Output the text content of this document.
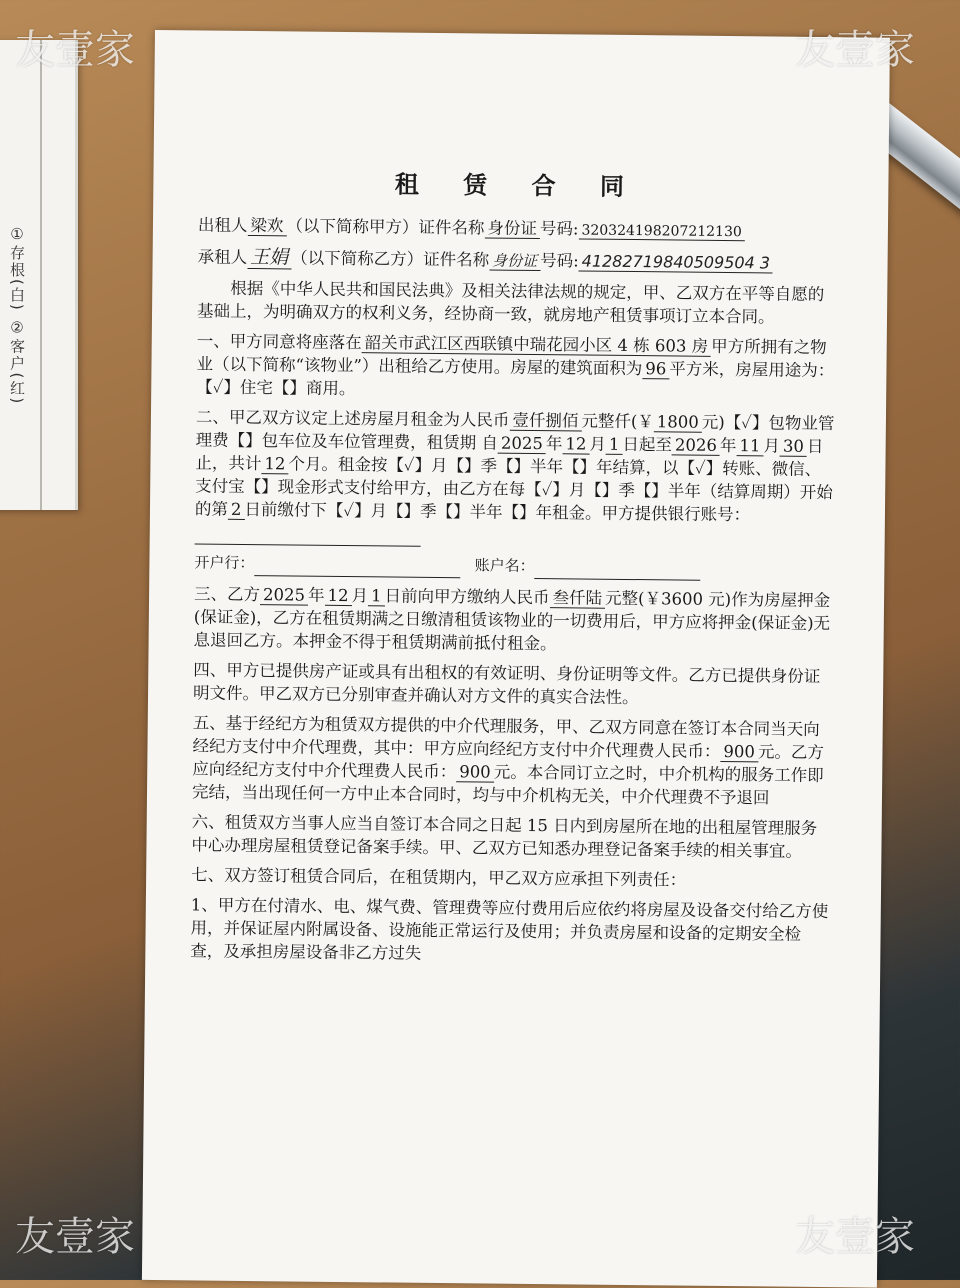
①存根(白) ②客户(红)
租 赁 合 同

出租人 梁欢 （以下简称甲方）证件名称 身份证 号码: 320324198207212130

承租人 王娟 （以下简称乙方）证件名称 身份证 号码: 41282719840509504 3

根据《中华人民共和国民法典》及相关法律法规的规定，甲、乙双方在平等自愿的基础上，为明确双方的权利义务，经协商一致，就房地产租赁事项订立本合同。

一、甲方同意将座落在 韶关市武江区西联镇中瑞花园小区 4 栋 603 房 甲方所拥有之物业（以下简称“该物业”）出租给乙方使用。房屋的建筑面积为 96 平方米，房屋用途为：【✓】住宅【】商用。

二、甲乙双方议定上述房屋月租金为人民币 壹仟捌佰 元整仟(￥ 1800 元)【✓】包物业管理费【】包车位及车位管理费，租赁期 自 2025 年 12 月 1 日起至 2026 年 11 月 30 日止，共计 12 个月。租金按【✓】月【】季【】半年【】年结算，以【✓】转账、微信、支付宝【】现金形式支付给甲方，由乙方在每【✓】月【】季【】半年（结算周期）开始的第 2 日前缴付下【✓】月【】季【】半年【】年租金。甲方提供银行账号：

开户行：	账户名：

三、乙方 2025 年 12 月 1 日前向甲方缴纳人民币 叁仟陆 元整(￥3600 元)作为房屋押金(保证金)，乙方在租赁期满之日缴清租赁该物业的一切费用后，甲方应将押金(保证金)无息退回乙方。本押金不得于租赁期满前抵付租金。

四、甲方已提供房产证或具有出租权的有效证明、身份证明等文件。乙方已提供身份证明文件。甲乙双方已分别审查并确认对方文件的真实合法性。

五、基于经纪方为租赁双方提供的中介代理服务，甲、乙双方同意在签订本合同当天向经纪方支付中介代理费，其中：甲方应向经纪方支付中介代理费人民币： 900 元。乙方应向经纪方支付中介代理费人民币： 900 元。本合同订立之时，中介机构的服务工作即完结，当出现任何一方中止本合同时，均与中介机构无关，中介代理费不予退回

六、租赁双方当事人应当自签订本合同之日起 15 日内到房屋所在地的出租屋管理服务中心办理房屋租赁登记备案手续。甲、乙双方已知悉办理登记备案手续的相关事宜。

七、双方签订租赁合同后，在租赁期内，甲乙双方应承担下列责任：

1、甲方在付清水、电、煤气费、管理费等应付费用后应依约将房屋及设备交付给乙方使用，并保证屋内附属设备、设施能正常运行及使用；并负责房屋和设备的定期安全检查，及承担房屋设备非乙方过失

友壹家	友壹家
友壹家	友壹家
